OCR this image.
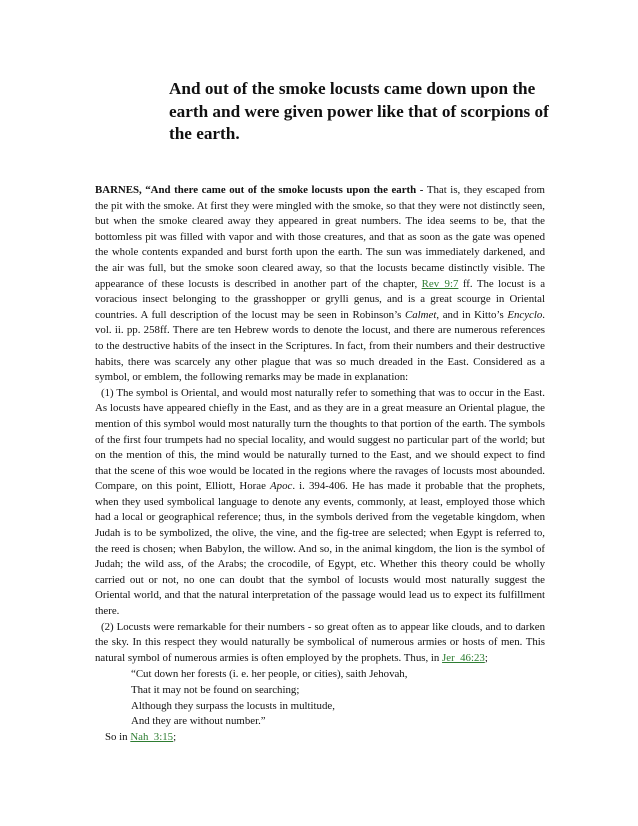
And out of the smoke locusts came down upon the earth and were given power like that of scorpions of the earth.

BARNES, “And there came out of the smoke locusts upon the earth - That is, they escaped from the pit with the smoke. At first they were mingled with the smoke, so that they were not distinctly seen, but when the smoke cleared away they appeared in great numbers. The idea seems to be, that the bottomless pit was filled with vapor and with those creatures, and that as soon as the gate was opened the whole contents expanded and burst forth upon the earth. The sun was immediately darkened, and the air was full, but the smoke soon cleared away, so that the locusts became distinctly visible. The appearance of these locusts is described in another part of the chapter, Rev_9:7 ff. The locust is a voracious insect belonging to the grasshopper or grylli genus, and is a great scourge in Oriental countries. A full description of the locust may be seen in Robinson’s Calmet, and in Kitto’s Encyclo. vol. ii. pp. 258ff. There are ten Hebrew words to denote the locust, and there are numerous references to the destructive habits of the insect in the Scriptures. In fact, from their numbers and their destructive habits, there was scarcely any other plague that was so much dreaded in the East. Considered as a symbol, or emblem, the following remarks may be made in explanation:

(1) The symbol is Oriental, and would most naturally refer to something that was to occur in the East. As locusts have appeared chiefly in the East, and as they are in a great measure an Oriental plague, the mention of this symbol would most naturally turn the thoughts to that portion of the earth. The symbols of the first four trumpets had no special locality, and would suggest no particular part of the world; but on the mention of this, the mind would be naturally turned to the East, and we should expect to find that the scene of this woe would be located in the regions where the ravages of locusts most abounded. Compare, on this point, Elliott, Horae Apoc. i. 394-406. He has made it probable that the prophets, when they used symbolical language to denote any events, commonly, at least, employed those which had a local or geographical reference; thus, in the symbols derived from the vegetable kingdom, when Judah is to be symbolized, the olive, the vine, and the fig-tree are selected; when Egypt is referred to, the reed is chosen; when Babylon, the willow. And so, in the animal kingdom, the lion is the symbol of Judah; the wild ass, of the Arabs; the crocodile, of Egypt, etc. Whether this theory could be wholly carried out or not, no one can doubt that the symbol of locusts would most naturally suggest the Oriental world, and that the natural interpretation of the passage would lead us to expect its fulfillment there.

(2) Locusts were remarkable for their numbers - so great often as to appear like clouds, and to darken the sky. In this respect they would naturally be symbolical of numerous armies or hosts of men. This natural symbol of numerous armies is often employed by the prophets. Thus, in Jer_46:23;

“Cut down her forests (i. e. her people, or cities), saith Jehovah,
That it may not be found on searching;
Although they surpass the locusts in multitude,
And they are without number.”

So in Nah_3:15;
